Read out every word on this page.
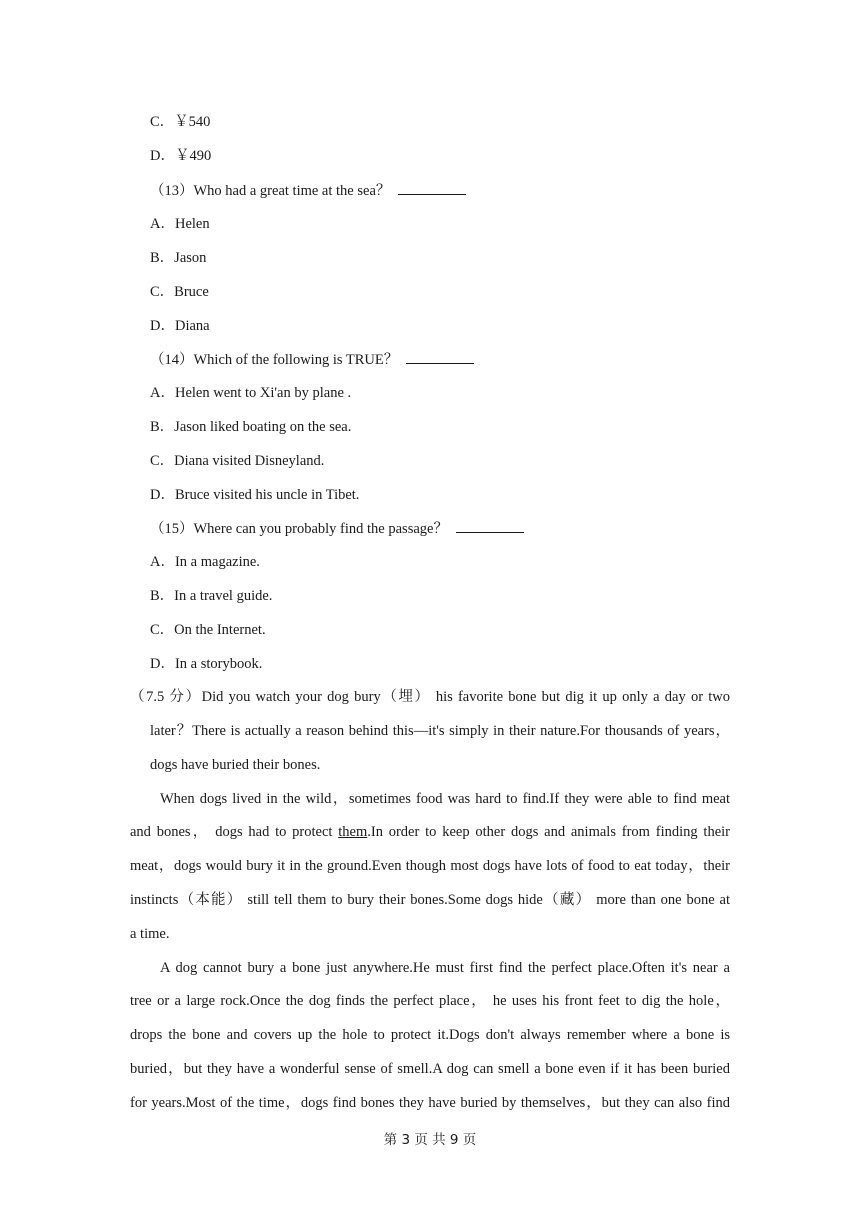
C．￥540
D．￥490
（13）Who had a great time at the sea？
A．Helen
B．Jason
C．Bruce
D．Diana
（14）Which of the following is TRUE？
A．Helen went to Xi'an by plane .
B．Jason liked boating on the sea.
C．Diana visited Disneyland.
D．Bruce visited his uncle in Tibet.
（15）Where can you probably find the passage？
A．In a magazine.
B．In a travel guide.
C．On the Internet.
D．In a storybook.
（7.5 分）Did you watch your dog bury（埋） his favorite bone but dig it up only a day or two
later？There is actually a reason behind this—it's simply in their nature.For thousands of years，
dogs have buried their bones.
When dogs lived in the wild，sometimes food was hard to find.If they were able to find meat
and bones， dogs had to protect them.In order to keep other dogs and animals from finding their
meat，dogs would bury it in the ground.Even though most dogs have lots of food to eat today，their
instincts（本能） still tell them to bury their bones.Some dogs hide（藏） more than one bone at
a time.
A dog cannot bury a bone just anywhere.He must first find the perfect place.Often it's near a
tree or a large rock.Once the dog finds the perfect place， he uses his front feet to dig the hole，
drops the bone and covers up the hole to protect it.Dogs don't always remember where a bone is
buried，but they have a wonderful sense of smell.A dog can smell a bone even if it has been buried
for years.Most of the time，dogs find bones they have buried by themselves，but they can also find
第 3 页 共 9 页
